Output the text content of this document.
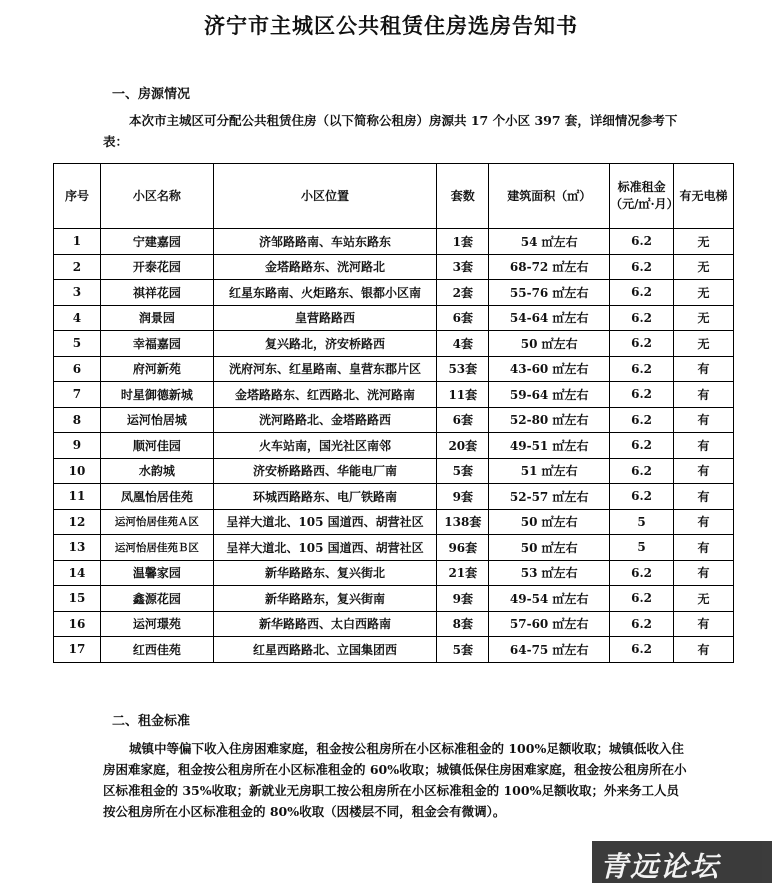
济宁市主城区公共租赁住房选房告知书
一、房源情况
本次市主城区可分配公共租赁住房（以下简称公租房）房源共 17 个小区 397 套，详细情况参考下表：
序号	小区名称	小区位置	套数	建筑面积（㎡）	标准租金（元/㎡·月）	有无电梯
1	宁建嘉园	济邹路路南、车站东路东	1套	54 ㎡左右	6.2	无
2	开泰花园	金塔路路东、洸河路北	3套	68-72 ㎡左右	6.2	无
3	祺祥花园	红星东路南、火炬路东、银都小区南	2套	55-76 ㎡左右	6.2	无
4	润景园	皇营路路西	6套	54-64 ㎡左右	6.2	无
5	幸福嘉园	复兴路北，济安桥路西	4套	50 ㎡左右	6.2	无
6	府河新苑	洸府河东、红星路南、皇营东郡片区	53套	43-60 ㎡左右	6.2	有
7	时星御德新城	金塔路路东、红西路北、洸河路南	11套	59-64 ㎡左右	6.2	有
8	运河怡居城	洸河路路北、金塔路路西	6套	52-80 ㎡左右	6.2	有
9	顺河佳园	火车站南，国光社区南邻	20套	49-51 ㎡左右	6.2	有
10	水韵城	济安桥路路西、华能电厂南	5套	51 ㎡左右	6.2	有
11	凤凰怡居佳苑	环城西路路东、电厂铁路南	9套	52-57 ㎡左右	6.2	有
12	运河怡居佳苑Ａ区	呈祥大道北、105 国道西、胡营社区	138套	50 ㎡左右	5	有
13	运河怡居佳苑Ｂ区	呈祥大道北、105 国道西、胡营社区	96套	50 ㎡左右	5	有
14	温馨家园	新华路路东、复兴街北	21套	53 ㎡左右	6.2	有
15	鑫源花园	新华路路东，复兴街南	9套	49-54 ㎡左右	6.2	无
16	运河璟苑	新华路路西、太白西路南	8套	57-60 ㎡左右	6.2	有
17	红西佳苑	红星西路路北、立国集团西	5套	64-75 ㎡左右	6.2	有
二、租金标准
城镇中等偏下收入住房困难家庭，租金按公租房所在小区标准租金的 100%足额收取；城镇低收入住房困难家庭，租金按公租房所在小区标准租金的 60%收取；城镇低保住房困难家庭，租金按公租房所在小区标准租金的 35%收取；新就业无房职工按公租房所在小区标准租金的 100%足额收取；外来务工人员按公租房所在小区标准租金的 80%收取（因楼层不同，租金会有微调）。
青远论坛
